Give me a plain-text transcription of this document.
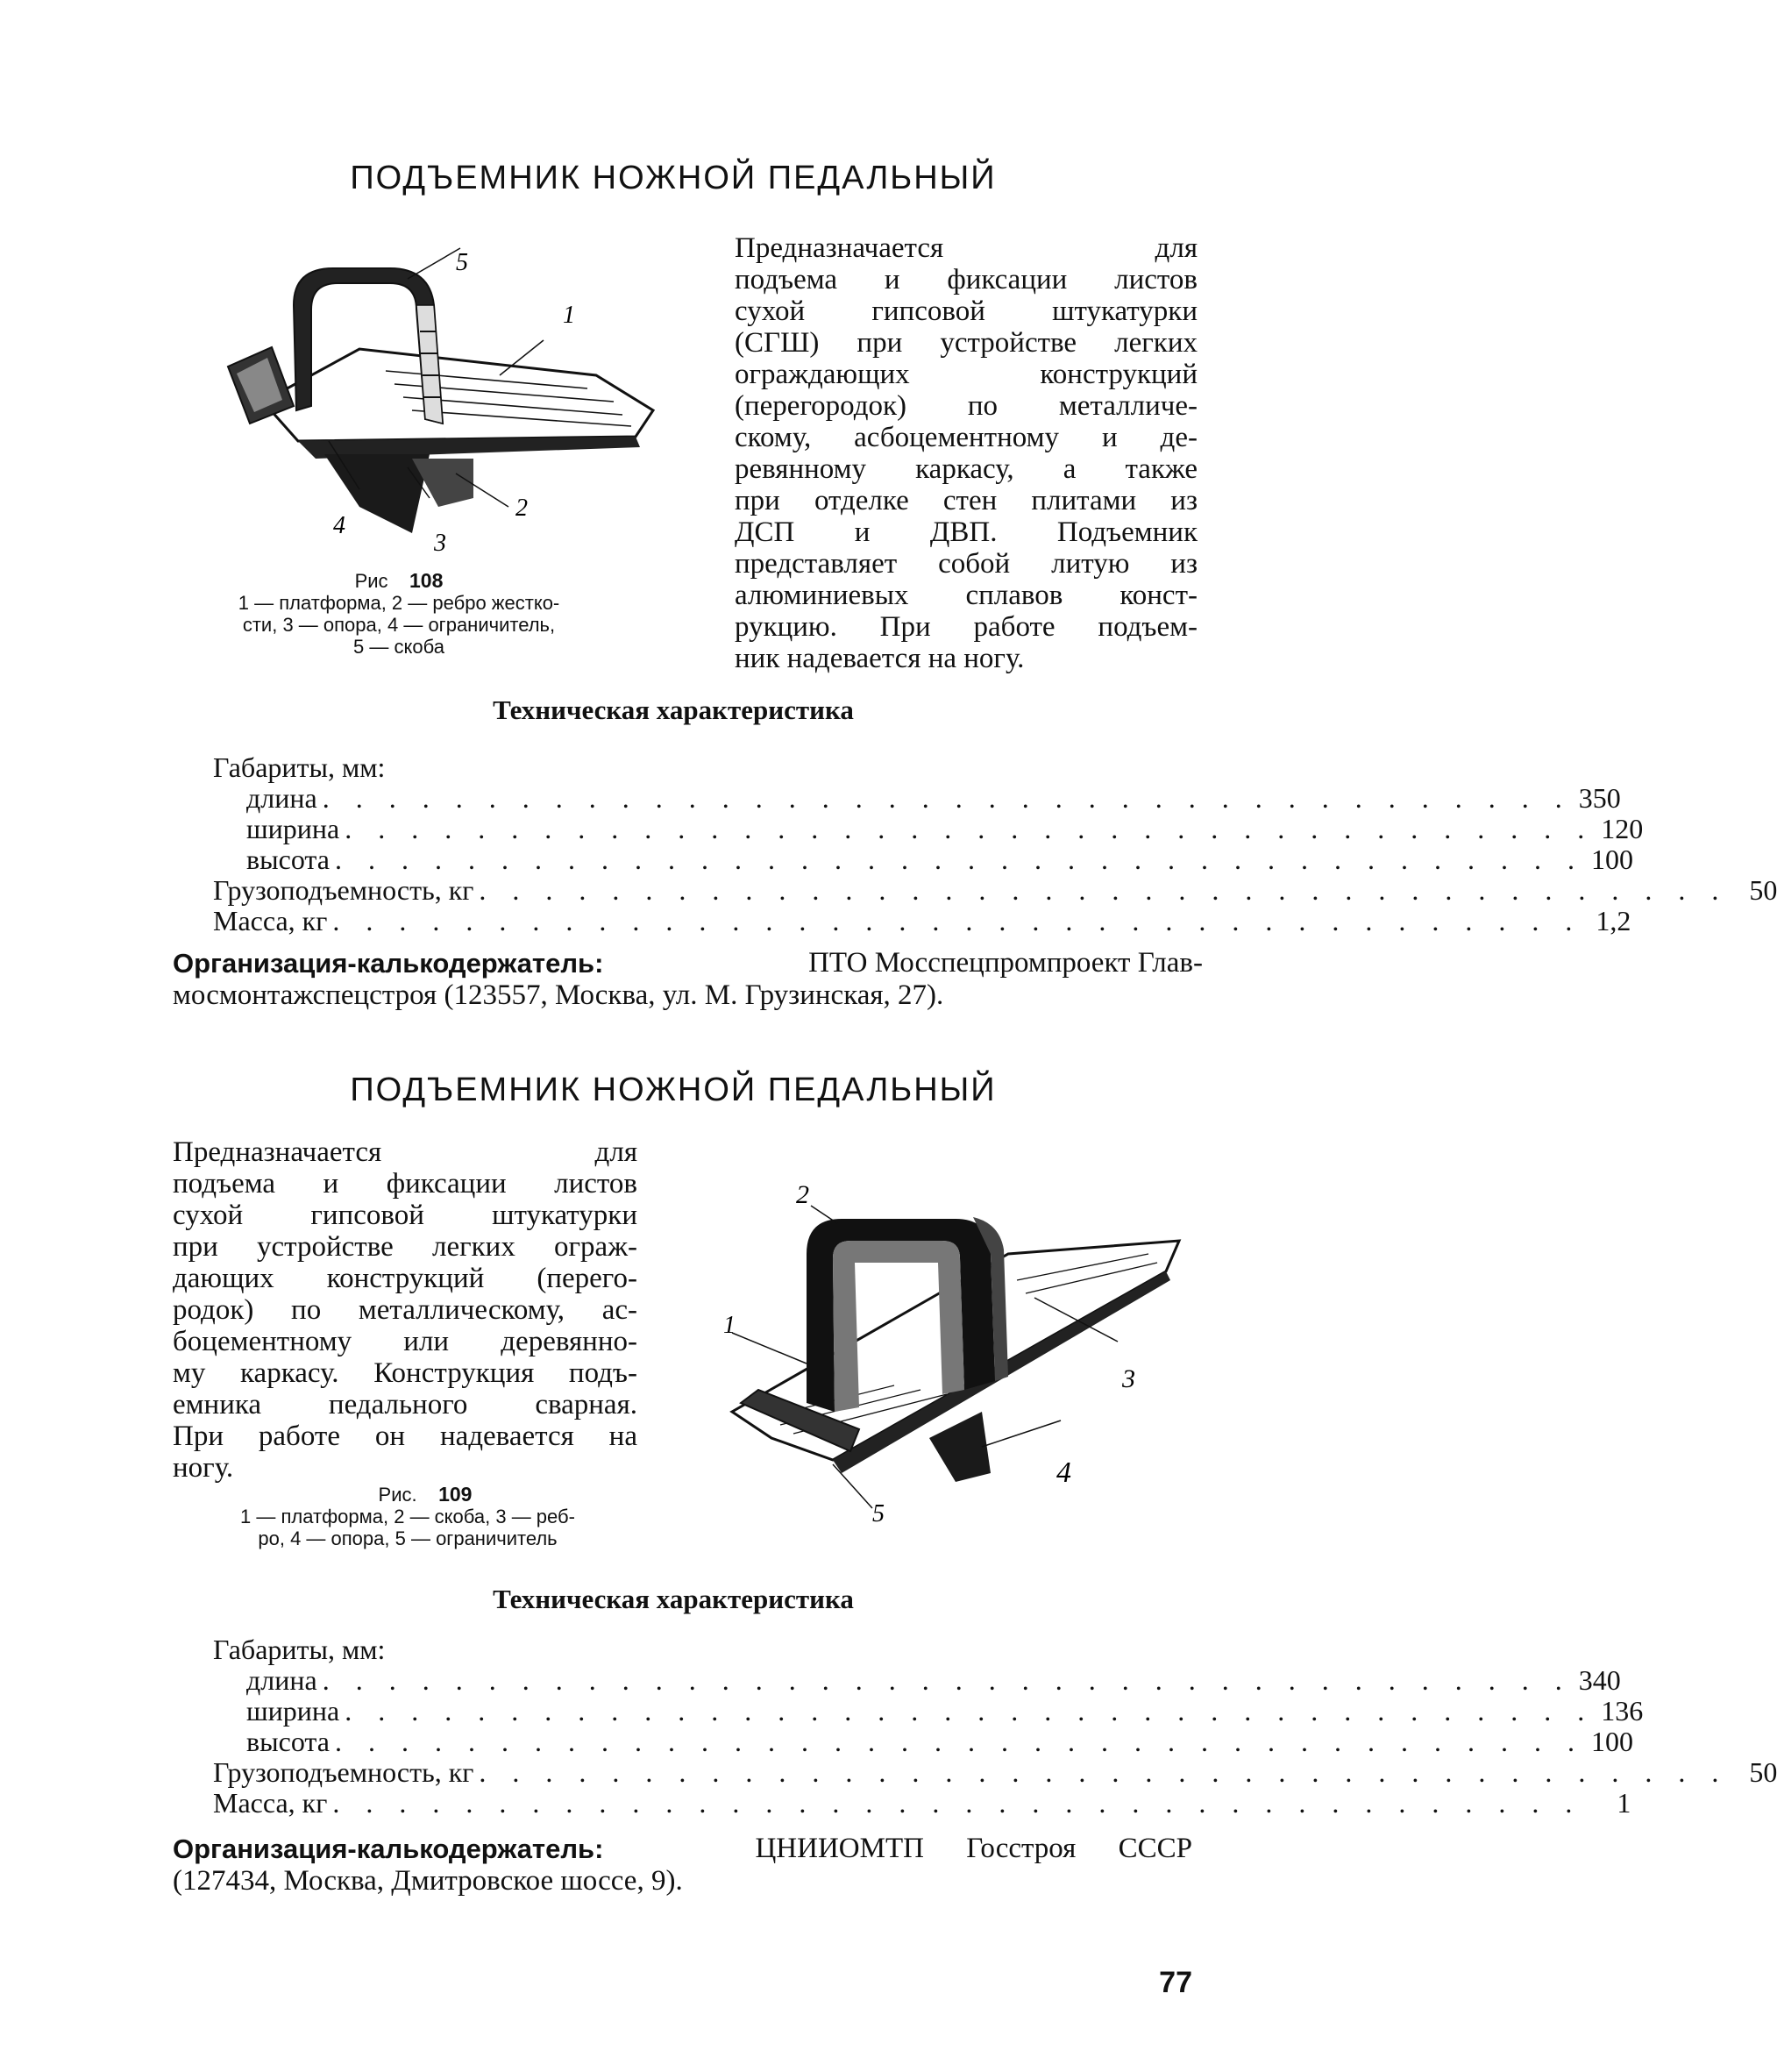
ПОДЪЕМНИК НОЖНОЙ ПЕДАЛЬНЫЙ
5
1
4
3
2
Рис 108
1 — платформа, 2 — ребро жестко-
сти, 3 — опора, 4 — ограничитель,
5 — скоба
Предназначается для
подъема и фиксации листов
сухой гипсовой штукатурки
(СГШ) при устройстве легких
ограждающих конструкций
(перегородок) по металличе-
скому, асбоцементному и де-
ревянному каркасу, а также
при отделке стен плитами из
ДСП и ДВП. Подъемник
представляет собой литую из
алюминиевых сплавов конст-
рукцию. При работе подъем-
ник надевается на ногу.
Техническая характеристика
Габариты, мм:
длина . . . . . . . . . . . . . . . . . . . . . . . . . . . . . . . . . . . . . . 350
ширина . . . . . . . . . . . . . . . . . . . . . . . . . . . . . . . . . . . . . . 120
высота . . . . . . . . . . . . . . . . . . . . . . . . . . . . . . . . . . . . . . 100
Грузоподъемность, кг . . . . . . . . . . . . . . . . . . . . . . . . . . . . . . . . . . . . . . 50
Масса, кг . . . . . . . . . . . . . . . . . . . . . . . . . . . . . . . . . . . . . . 1,2
Организация-калькодержатель:	ПТО Мосспецпромпроект Глав-
мосмонтажспецстроя (123557, Москва, ул. М. Грузинская, 27).
ПОДЪЕМНИК НОЖНОЙ ПЕДАЛЬНЫЙ
Предназначается для
подъема и фиксации листов
сухой гипсовой штукатурки
при устройстве легких ограж-
дающих конструкций (перего-
родок) по металлическому, ас-
боцементному или деревянно-
му каркасу. Конструкция подъ-
емника педального сварная.
При работе он надевается на
ногу.
2
1
3
4
5
Рис. 109
1 — платформа, 2 — скоба, 3 — реб-
ро, 4 — опора, 5 — ограничитель
Техническая характеристика
Габариты, мм:
длина . . . . . . . . . . . . . . . . . . . . . . . . . . . . . . . . . . . . . . 340
ширина . . . . . . . . . . . . . . . . . . . . . . . . . . . . . . . . . . . . . . 136
высота . . . . . . . . . . . . . . . . . . . . . . . . . . . . . . . . . . . . . . 100
Грузоподъемность, кг . . . . . . . . . . . . . . . . . . . . . . . . . . . . . . . . . . . . . . 50
Масса, кг . . . . . . . . . . . . . . . . . . . . . . . . . . . . . . . . . . . . . .	1
Организация-калькодержатель:	ЦНИИОМТП Госстроя СССР
(127434, Москва, Дмитровское шоссе, 9).
77
